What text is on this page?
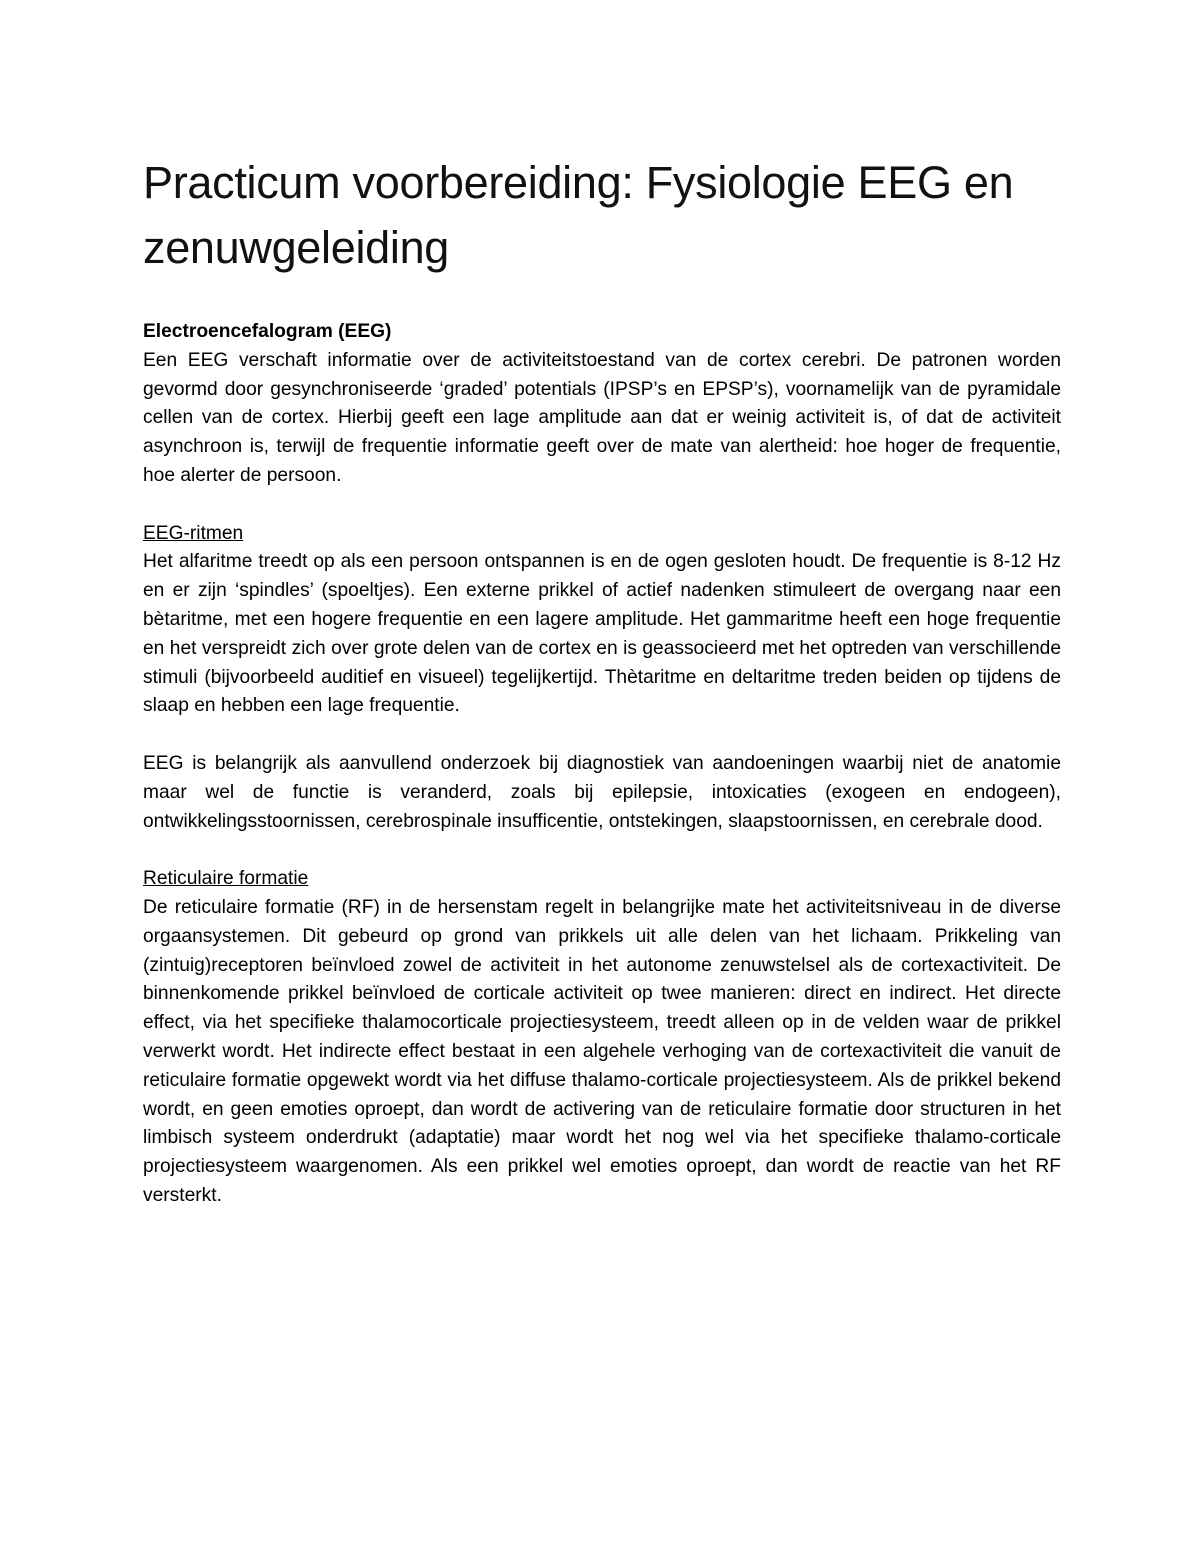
Practicum voorbereiding: Fysiologie EEG en zenuwgeleiding
Electroencefalogram (EEG)

Een EEG verschaft informatie over de activiteitstoestand van de cortex cerebri. De patronen worden gevormd door gesynchroniseerde ‘graded’ potentials (IPSP’s en EPSP’s), voornamelijk van de pyramidale cellen van de cortex. Hierbij geeft een lage amplitude aan dat er weinig activiteit is, of dat de activiteit asynchroon is, terwijl de frequentie informatie geeft over de mate van alertheid: hoe hoger de frequentie, hoe alerter de persoon.

EEG-ritmen

Het alfaritme treedt op als een persoon ontspannen is en de ogen gesloten houdt. De frequentie is 8-12 Hz en er zijn ‘spindles’ (spoeltjes). Een externe prikkel of actief nadenken stimuleert de overgang naar een bètaritme, met een hogere frequentie en een lagere amplitude. Het gammaritme heeft een hoge frequentie en het verspreidt zich over grote delen van de cortex en is geassocieerd met het optreden van verschillende stimuli (bijvoorbeeld auditief en visueel) tegelijkertijd. Thètaritme en deltaritme treden beiden op tijdens de slaap en hebben een lage frequentie.

EEG is belangrijk als aanvullend onderzoek bij diagnostiek van aandoeningen waarbij niet de anatomie maar wel de functie is veranderd, zoals bij epilepsie, intoxicaties (exogeen en endogeen), ontwikkelingsstoornissen, cerebrospinale insufficentie, ontstekingen, slaapstoornissen, en cerebrale dood.

Reticulaire formatie

De reticulaire formatie (RF) in de hersenstam regelt in belangrijke mate het activiteitsniveau in de diverse orgaansystemen. Dit gebeurd op grond van prikkels uit alle delen van het lichaam. Prikkeling van (zintuig)receptoren beïnvloed zowel de activiteit in het autonome zenuwstelsel als de cortexactiviteit. De binnenkomende prikkel beïnvloed de corticale activiteit op twee manieren: direct en indirect. Het directe effect, via het specifieke thalamocorticale projectiesysteem, treedt alleen op in de velden waar de prikkel verwerkt wordt. Het indirecte effect bestaat in een algehele verhoging van de cortexactiviteit die vanuit de reticulaire formatie opgewekt wordt via het diffuse thalamo-corticale projectiesysteem. Als de prikkel bekend wordt, en geen emoties oproept, dan wordt de activering van de reticulaire formatie door structuren in het limbisch systeem onderdrukt (adaptatie) maar wordt het nog wel via het specifieke thalamo-corticale projectiesysteem waargenomen. Als een prikkel wel emoties oproept, dan wordt de reactie van het RF versterkt.
